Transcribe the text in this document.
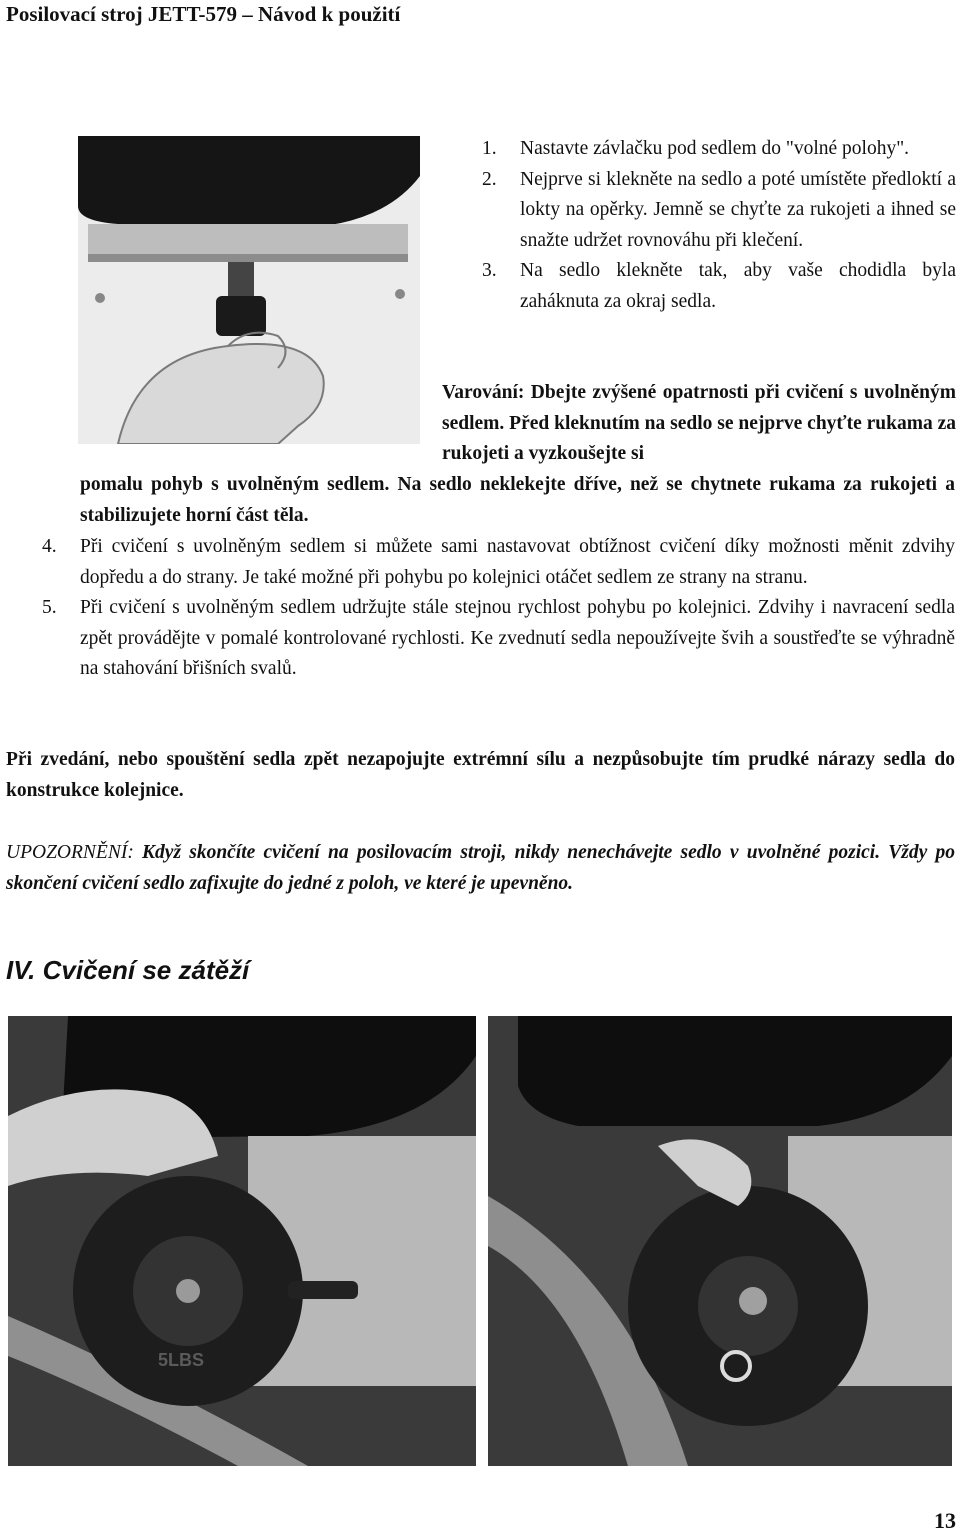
Posilovací stroj JETT-579 – Návod k použití
1. Nastavte závlačku pod sedlem do "volné polohy".
2. Nejprve si klekněte na sedlo a poté umístěte předloktí a lokty na opěrky. Jemně se chyťte za rukojeti a ihned se snažte udržet rovnováhu při klečení.
3. Na sedlo klekněte tak, aby vaše chodidla byla zaháknuta za okraj sedla.
Varování: Dbejte zvýšené opatrnosti při cvičení s uvolněným sedlem. Před kleknutím na sedlo se nejprve chyťte rukama za rukojeti a vyzkoušejte si
pomalu pohyb s uvolněným sedlem. Na sedlo neklekejte dříve, než se chytnete rukama za rukojeti a stabilizujete horní část těla.
4. Při cvičení s uvolněným sedlem si můžete sami nastavovat obtížnost cvičení díky možnosti měnit zdvihy dopředu a do strany. Je také možné při pohybu po kolejnici otáčet sedlem ze strany na stranu.
5. Při cvičení s uvolněným sedlem udržujte stále stejnou rychlost pohybu po kolejnici. Zdvihy i navracení sedla zpět provádějte v pomalé kontrolované rychlosti. Ke zvednutí sedla nepoužívejte švih a soustřeďte se výhradně na stahování břišních svalů.
Při zvedání, nebo spouštění sedla zpět nezapojujte extrémní sílu a nezpůsobujte tím prudké nárazy sedla do konstrukce kolejnice.
UPOZORNĚNÍ: Když skončíte cvičení na posilovacím stroji, nikdy nenechávejte sedlo v uvolněné pozici. Vždy po skončení cvičení sedlo zafixujte do jedné z poloh, ve které je upevněno.
IV. Cvičení se zátěží
5LBS
13
